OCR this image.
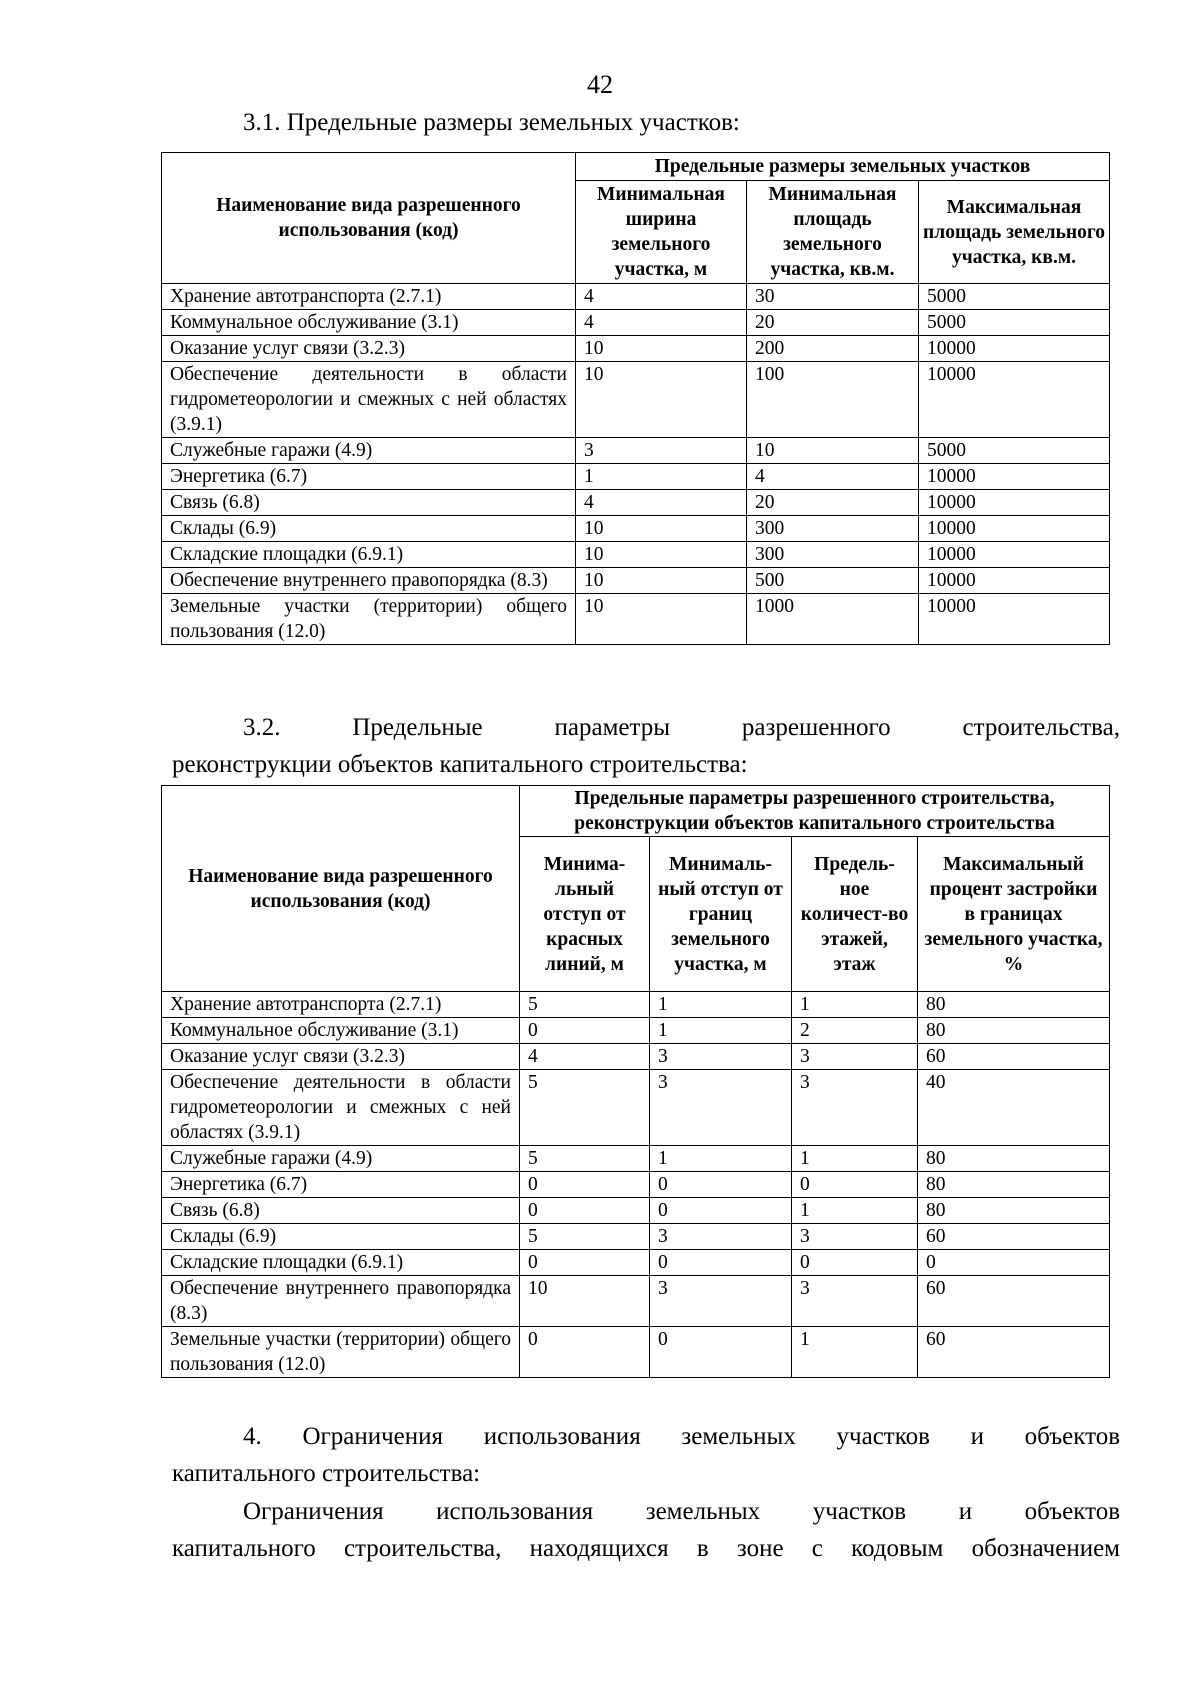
42
3.1. Предельные размеры земельных участков:
Наименование вида разрешенного использования (код)	Предельные размеры земельных участков		
	Минимальная ширина земельного участка, м	Минимальная площадь земельного участка, кв.м.	Максимальная площадь земельного участка, кв.м.
Хранение автотранспорта (2.7.1)	4	30	5000
Коммунальное обслуживание (3.1)	4	20	5000
Оказание услуг связи (3.2.3)	10	200	10000
Обеспечение деятельности в области гидрометеорологии и смежных с ней областях (3.9.1)	10	100	10000
Служебные гаражи (4.9)	3	10	5000
Энергетика (6.7)	1	4	10000
Связь (6.8)	4	20	10000
Склады (6.9)	10	300	10000
Складские площадки (6.9.1)	10	300	10000
Обеспечение внутреннего правопорядка (8.3)	10	500	10000
Земельные участки (территории) общего пользования (12.0)	10	1000	10000
3.2. Предельные параметры разрешенного строительства,
реконструкции объектов капитального строительства:
Наименование вида разрешенного использования (код)	Предельные параметры разрешенного строительства, реконструкции объектов капитального строительства			
	Минима-льный отступ от красных линий, м	Минималь-ный отступ от границ земельного участка, м	Предель-ное количест-во этажей, этаж	Максимальный процент застройки в границах земельного участка, %
Хранение автотранспорта (2.7.1)	5	1	1	80
Коммунальное обслуживание (3.1)	0	1	2	80
Оказание услуг связи (3.2.3)	4	3	3	60
Обеспечение деятельности в области гидрометеорологии и смежных с ней областях (3.9.1)	5	3	3	40
Служебные гаражи (4.9)	5	1	1	80
Энергетика (6.7)	0	0	0	80
Связь (6.8)	0	0	1	80
Склады (6.9)	5	3	3	60
Складские площадки (6.9.1)	0	0	0	0
Обеспечение внутреннего правопорядка (8.3)	10	3	3	60
Земельные участки (территории) общего пользования (12.0)	0	0	1	60
4. Ограничения использования земельных участков и объектов
капитального строительства:
Ограничения использования земельных участков и объектов
капитального строительства, находящихся в зоне с кодовым обозначением
